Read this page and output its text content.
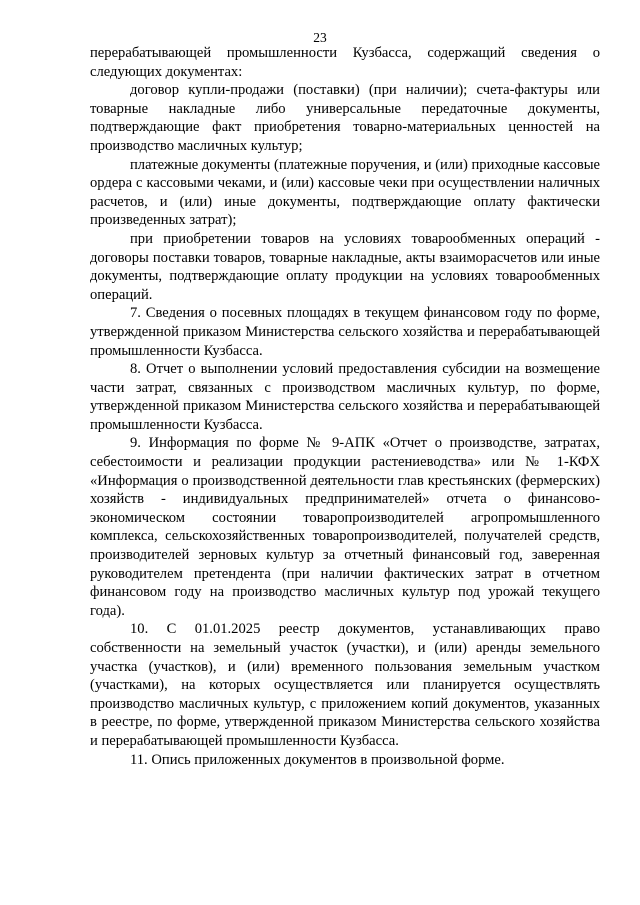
23

перерабатывающей промышленности Кузбасса, содержащий сведения о следующих документах:

договор купли-продажи (поставки) (при наличии); счета-фактуры или товарные накладные либо универсальные передаточные документы, подтверждающие факт приобретения товарно-материальных ценностей на производство масличных культур;

платежные документы (платежные поручения, и (или) приходные кассовые ордера с кассовыми чеками, и (или) кассовые чеки при осуществлении наличных расчетов, и (или) иные документы, подтверждающие оплату фактически произведенных затрат);

при приобретении товаров на условиях товарообменных операций - договоры поставки товаров, товарные накладные, акты взаиморасчетов или иные документы, подтверждающие оплату продукции на условиях товарообменных операций.

7. Сведения о посевных площадях в текущем финансовом году по форме, утвержденной приказом Министерства сельского хозяйства и перерабатывающей промышленности Кузбасса.

8. Отчет о выполнении условий предоставления субсидии на возмещение части затрат, связанных с производством масличных культур, по форме, утвержденной приказом Министерства сельского хозяйства и перерабатывающей промышленности Кузбасса.

9. Информация по форме № 9-АПК «Отчет о производстве, затратах, себестоимости и реализации продукции растениеводства» или № 1-КФХ «Информация о производственной деятельности глав крестьянских (фермерских) хозяйств - индивидуальных предпринимателей» отчета о финансово-экономическом состоянии товаропроизводителей агропромышленного комплекса, сельскохозяйственных товаропроизводителей, получателей средств, производителей зерновых культур за отчетный финансовый год, заверенная руководителем претендента (при наличии фактических затрат в отчетном финансовом году на производство масличных культур под урожай текущего года).

10. С 01.01.2025 реестр документов, устанавливающих право собственности на земельный участок (участки), и (или) аренды земельного участка (участков), и (или) временного пользования земельным участком (участками), на которых осуществляется или планируется осуществлять производство масличных культур, с приложением копий документов, указанных в реестре, по форме, утвержденной приказом Министерства сельского хозяйства и перерабатывающей промышленности Кузбасса.

11. Опись приложенных документов в произвольной форме.
